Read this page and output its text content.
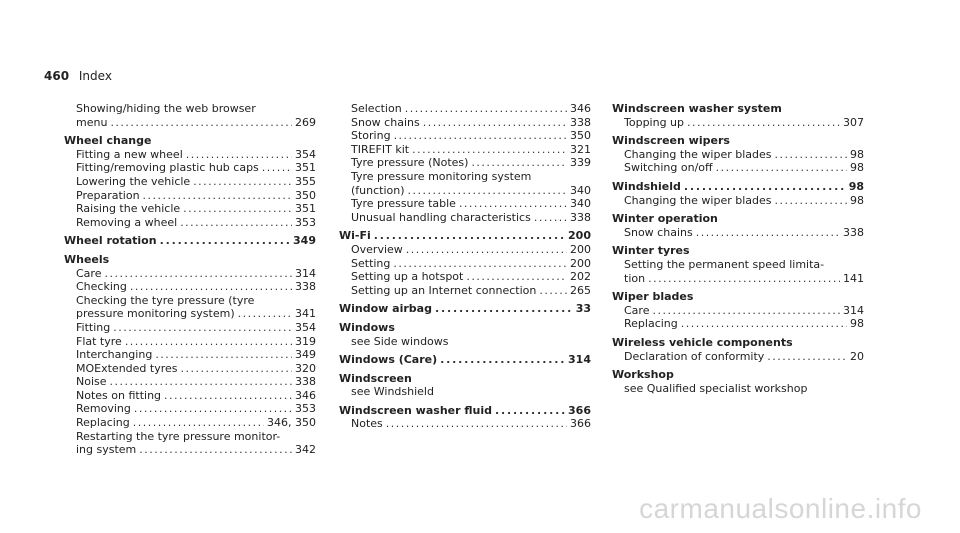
460 Index
Showing/hiding the web browser
menu . . .	269
Wheel change
Fitting a new wheel . . .	354
Fitting/removing plastic hub caps . . .	351
Lowering the vehicle . . .	355
Preparation . . .	350
Raising the vehicle . . .	351
Removing a wheel . . .	353
Wheel rotation . . .	349
Wheels
Care . . .	314
Checking . . .	338
Checking the tyre pressure (tyre
pressure monitoring system) . . .	341
Fitting . . .	354
Flat tyre . . .	319
Interchanging . . .	349
MOExtended tyres . . .	320
Noise . . .	338
Notes on fitting . . .	346
Removing . . .	353
Replacing . . .	346, 350
Restarting the tyre pressure monitor-
ing system . . .	342
Selection . . .	346
Snow chains . . .	338
Storing . . .	350
TIREFIT kit . . .	321
Tyre pressure (Notes) . . .	339
Tyre pressure monitoring system
(function) . . .	340
Tyre pressure table . . .	340
Unusual handling characteristics . . .	338
Wi-Fi . . .	200
Overview . . .	200
Setting . . .	200
Setting up a hotspot . . .	202
Setting up an Internet connection . . .	265
Window airbag . . .	33
Windows
see Side windows
Windows (Care) . . .	314
Windscreen
see Windshield
Windscreen washer fluid . . .	366
Notes . . .	366
Windscreen washer system
Topping up . . .	307
Windscreen wipers
Changing the wiper blades . . .	98
Switching on/off . . .	98
Windshield . . .	98
Changing the wiper blades . . .	98
Winter operation
Snow chains . . .	338
Winter tyres
Setting the permanent speed limita-
tion . . .	141
Wiper blades
Care . . .	314
Replacing . . .	98
Wireless vehicle components
Declaration of conformity . . .	20
Workshop
see Qualified specialist workshop
carmanualsonline.info
